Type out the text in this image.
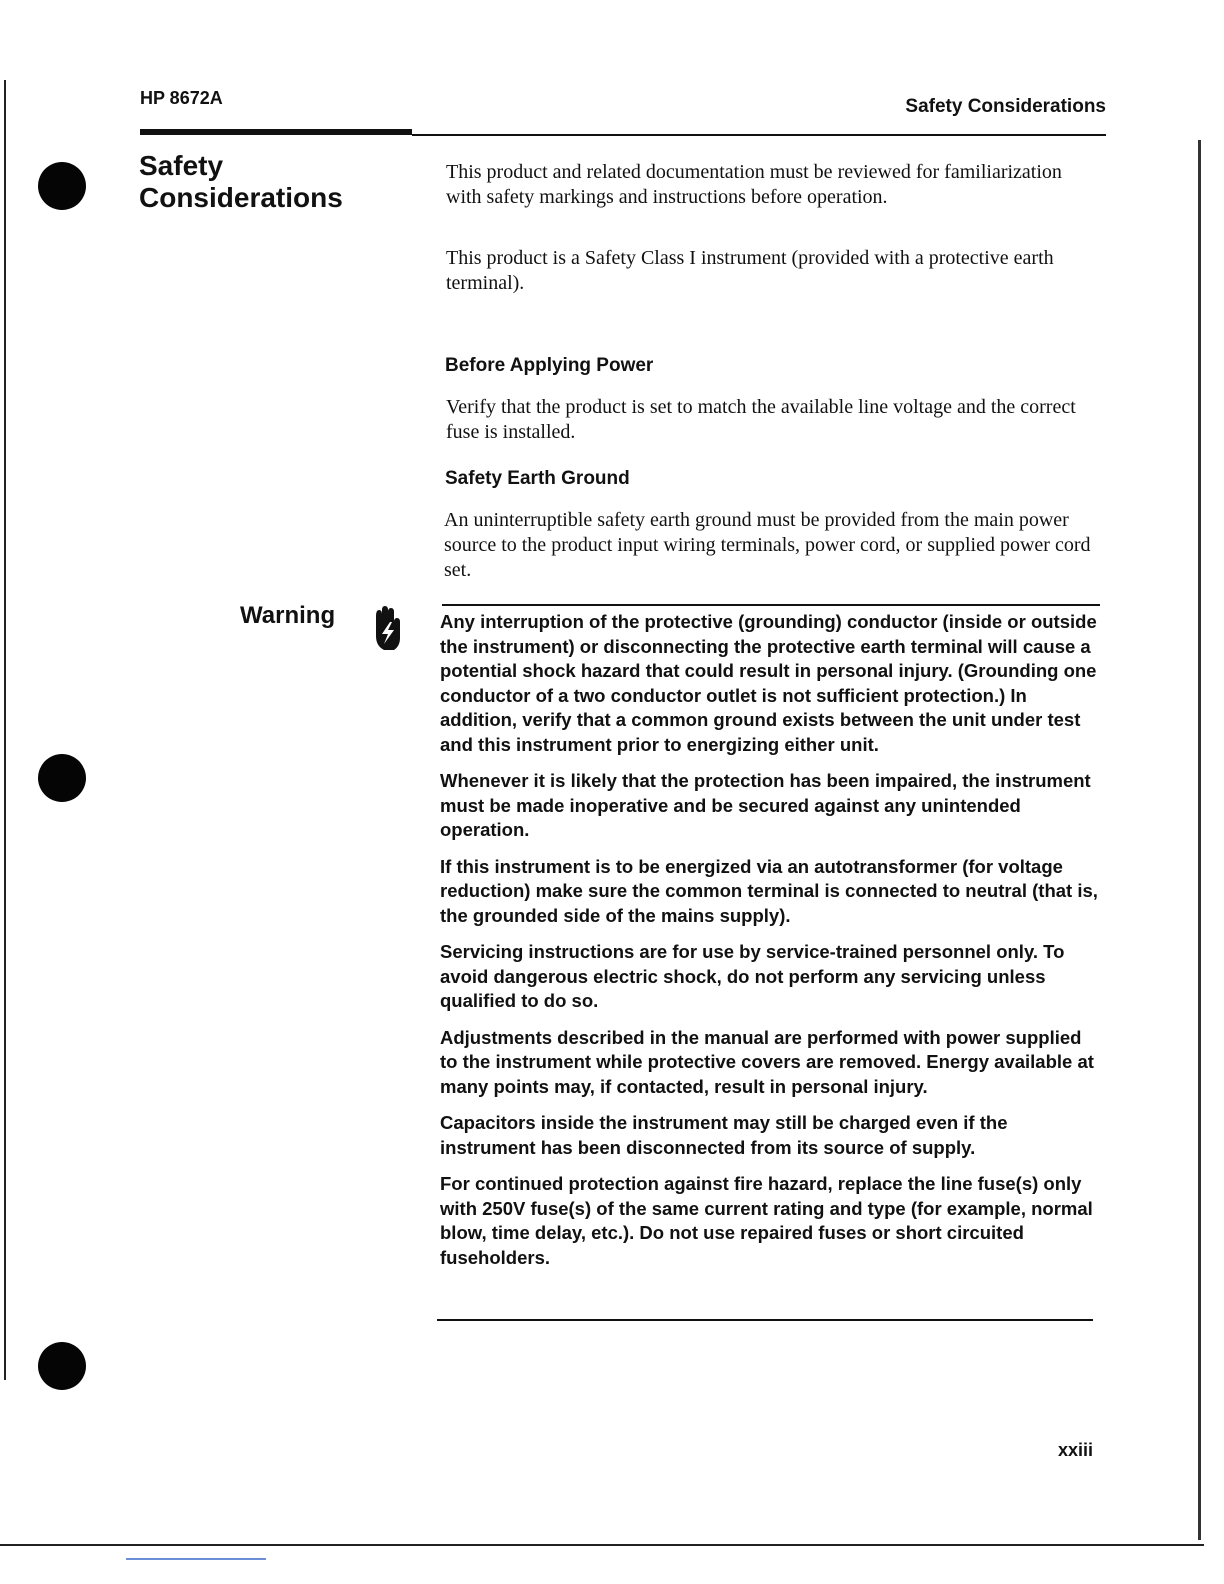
HP 8672A	Safety Considerations
Safety Considerations
This product and related documentation must be reviewed for familiarization with safety markings and instructions before operation.
This product is a Safety Class I instrument (provided with a protective earth terminal).
Before Applying Power
Verify that the product is set to match the available line voltage and the correct fuse is installed.
Safety Earth Ground
An uninterruptible safety earth ground must be provided from the main power source to the product input wiring terminals, power cord, or supplied power cord set.
Warning	Any interruption of the protective (grounding) conductor (inside or outside the instrument) or disconnecting the protective earth terminal will cause a potential shock hazard that could result in personal injury. (Grounding one conductor of a two conductor outlet is not sufficient protection.) In addition, verify that a common ground exists between the unit under test and this instrument prior to energizing either unit.

Whenever it is likely that the protection has been impaired, the instrument must be made inoperative and be secured against any unintended operation.

If this instrument is to be energized via an autotransformer (for voltage reduction) make sure the common terminal is connected to neutral (that is, the grounded side of the mains supply).

Servicing instructions are for use by service-trained personnel only. To avoid dangerous electric shock, do not perform any servicing unless qualified to do so.

Adjustments described in the manual are performed with power supplied to the instrument while protective covers are removed. Energy available at many points may, if contacted, result in personal injury.

Capacitors inside the instrument may still be charged even if the instrument has been disconnected from its source of supply.

For continued protection against fire hazard, replace the line fuse(s) only with 250V fuse(s) of the same current rating and type (for example, normal blow, time delay, etc.). Do not use repaired fuses or short circuited fuseholders.

xxiii
